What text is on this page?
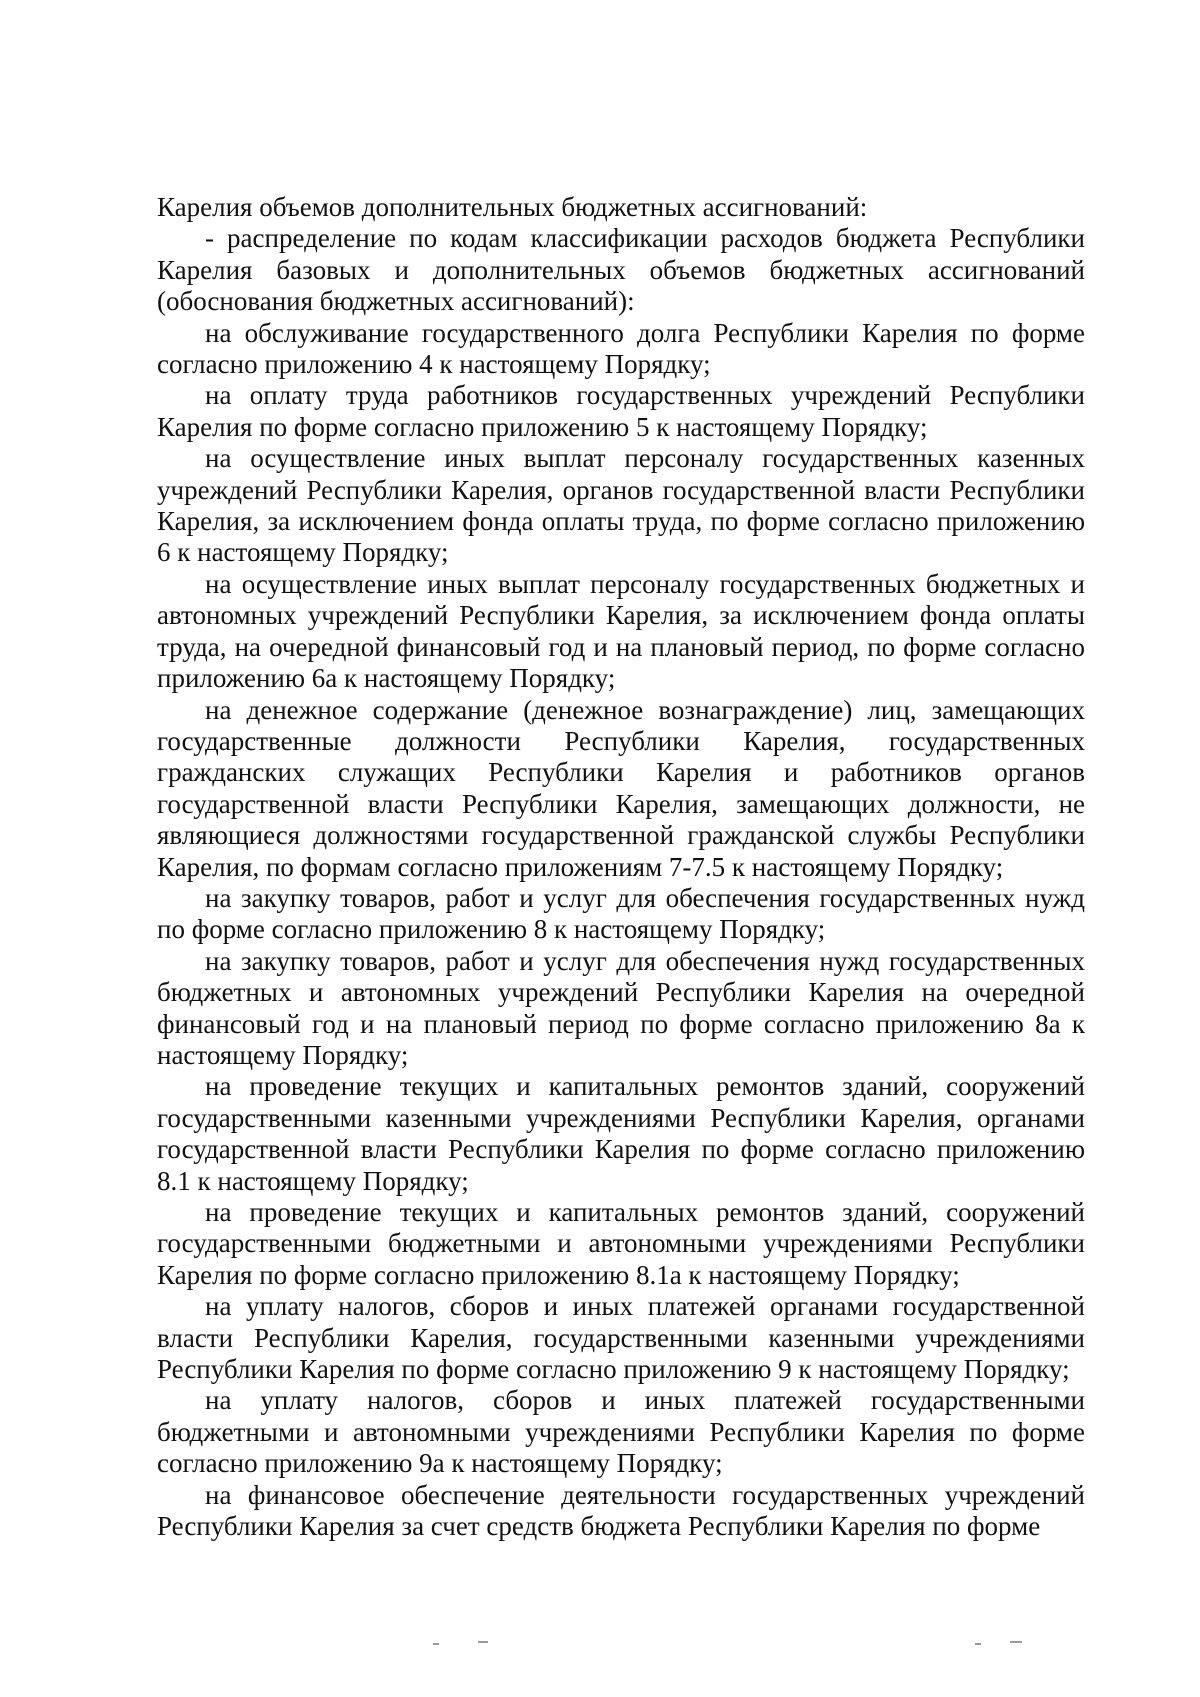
Карелия объемов дополнительных бюджетных ассигнований:

- распределение по кодам классификации расходов бюджета Республики Карелия базовых и дополнительных объемов бюджетных ассигнований (обоснования бюджетных ассигнований):

на обслуживание государственного долга Республики Карелия по форме согласно приложению 4 к настоящему Порядку;

на оплату труда работников государственных учреждений Республики Карелия по форме согласно приложению 5 к настоящему Порядку;

на осуществление иных выплат персоналу государственных казенных учреждений Республики Карелия, органов государственной власти Республики Карелия, за исключением фонда оплаты труда, по форме согласно приложению 6 к настоящему Порядку;

на осуществление иных выплат персоналу государственных бюджетных и автономных учреждений Республики Карелия, за исключением фонда оплаты труда, на очередной финансовый год и на плановый период, по форме согласно приложению 6а к настоящему Порядку;

на денежное содержание (денежное вознаграждение) лиц, замещающих государственные должности Республики Карелия, государственных гражданских служащих Республики Карелия и работников органов государственной власти Республики Карелия, замещающих должности, не являющиеся должностями государственной гражданской службы Республики Карелия, по формам согласно приложениям 7-7.5 к настоящему Порядку;

на закупку товаров, работ и услуг для обеспечения государственных нужд по форме согласно приложению 8 к настоящему Порядку;

на закупку товаров, работ и услуг для обеспечения нужд государственных бюджетных и автономных учреждений Республики Карелия на очередной финансовый год и на плановый период по форме согласно приложению 8а к настоящему Порядку;

на проведение текущих и капитальных ремонтов зданий, сооружений государственными казенными учреждениями Республики Карелия, органами государственной власти Республики Карелия по форме согласно приложению 8.1 к настоящему Порядку;

на проведение текущих и капитальных ремонтов зданий, сооружений государственными бюджетными и автономными учреждениями Республики Карелия по форме согласно приложению 8.1а к настоящему Порядку;

на уплату налогов, сборов и иных платежей органами государственной власти Республики Карелия, государственными казенными учреждениями Республики Карелия по форме согласно приложению 9 к настоящему Порядку;

на уплату налогов, сборов и иных платежей государственными бюджетными и автономными учреждениями Республики Карелия по форме согласно приложению 9а к настоящему Порядку;

на финансовое обеспечение деятельности государственных учреждений Республики Карелия за счет средств бюджета Республики Карелия по форме
